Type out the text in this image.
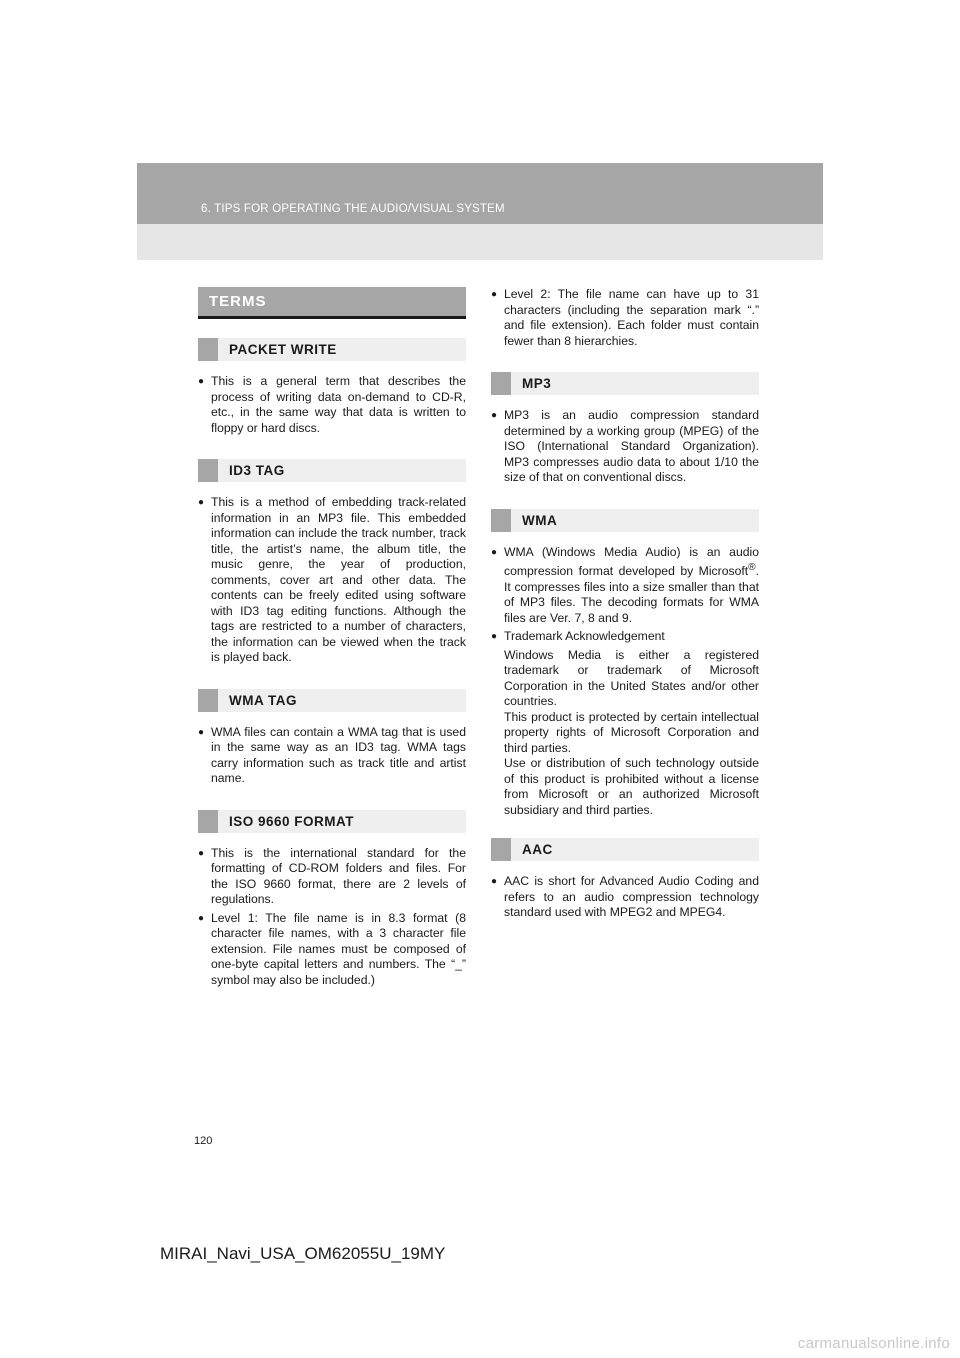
6. TIPS FOR OPERATING THE AUDIO/VISUAL SYSTEM
TERMS
PACKET WRITE
● This is a general term that describes the process of writing data on-demand to CD-R, etc., in the same way that data is written to floppy or hard discs.
ID3 TAG
● This is a method of embedding track-related information in an MP3 file. This embedded information can include the track number, track title, the artist’s name, the album title, the music genre, the year of production, comments, cover art and other data. The contents can be freely edited using software with ID3 tag editing functions. Although the tags are restricted to a number of characters, the information can be viewed when the track is played back.
WMA TAG
● WMA files can contain a WMA tag that is used in the same way as an ID3 tag. WMA tags carry information such as track title and artist name.
ISO 9660 FORMAT
● This is the international standard for the formatting of CD-ROM folders and files. For the ISO 9660 format, there are 2 levels of regulations.
● Level 1: The file name is in 8.3 format (8 character file names, with a 3 character file extension. File names must be composed of one-byte capital letters and numbers. The “_” symbol may also be included.)
● Level 2: The file name can have up to 31 characters (including the separation mark “.” and file extension). Each folder must contain fewer than 8 hierarchies.
MP3
● MP3 is an audio compression standard determined by a working group (MPEG) of the ISO (International Standard Organization). MP3 compresses audio data to about 1/10 the size of that on conventional discs.
WMA
● WMA (Windows Media Audio) is an audio compression format developed by Microsoft®. It compresses files into a size smaller than that of MP3 files. The decoding formats for WMA files are Ver. 7, 8 and 9.
● Trademark Acknowledgement

Windows Media is either a registered trademark or trademark of Microsoft Corporation in the United States and/or other countries.

This product is protected by certain intellectual property rights of Microsoft Corporation and third parties.

Use or distribution of such technology outside of this product is prohibited without a license from Microsoft or an authorized Microsoft subsidiary and third parties.

AAC
● AAC is short for Advanced Audio Coding and refers to an audio compression technology standard used with MPEG2 and MPEG4.
120
MIRAI_Navi_USA_OM62055U_19MY
carmanualsonline.info
